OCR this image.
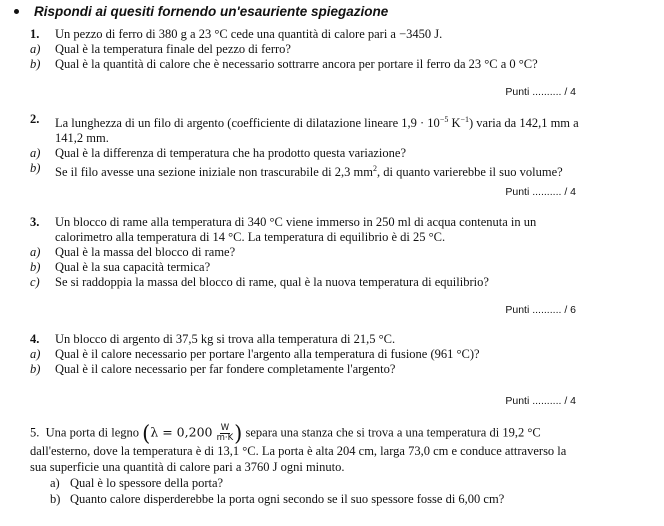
Rispondi ai quesiti fornendo un'esauriente spiegazione
1. Un pezzo di ferro di 380 g a 23 °C cede una quantità di calore pari a −3450 J.
a) Qual è la temperatura finale del pezzo di ferro?
b) Qual è la quantità di calore che è necessario sottrarre ancora per portare il ferro da 23 °C a 0 °C?
Punti .......... / 4
2. La lunghezza di un filo di argento (coefficiente di dilatazione lineare $1,9 \cdot 10^{-5}$ $K^{-1}$) varia da 142,1 mm a 141,2 mm.
a) Qual è la differenza di temperatura che ha prodotto questa variazione?
b) Se il filo avesse una sezione iniziale non trascurabile di 2,3 $mm^2$, di quanto varierebbe il suo volume?
Punti .......... / 4
3. Un blocco di rame alla temperatura di 340 °C viene immerso in 250 ml di acqua contenuta in un calorimetro alla temperatura di 14 °C. La temperatura di equilibrio è di 25 °C.
a) Qual è la massa del blocco di rame?
b) Qual è la sua capacità termica?
c) Se si raddoppia la massa del blocco di rame, qual è la nuova temperatura di equilibrio?
Punti .......... / 6
4. Un blocco di argento di 37,5 kg si trova alla temperatura di 21,5 °C.
a) Qual è il calore necessario per portare l'argento alla temperatura di fusione (961 °C)?
b) Qual è il calore necessario per far fondere completamente l'argento?
Punti .......... / 4
5. Una porta di legno ($\lambda = 0,200 \frac{W}{m\cdot K}$ ) separa una stanza che si trova a una temperatura di 19,2 °C dall'esterno, dove la temperatura è di 13,1 °C. La porta è alta 204 cm, larga 73,0 cm e conduce attraverso la sua superficie una quantità di calore pari a 3760 J ogni minuto.
a) Qual è lo spessore della porta?
b) Quanto calore disperderebbe la porta ogni secondo se il suo spessore fosse di 6,00 cm?
